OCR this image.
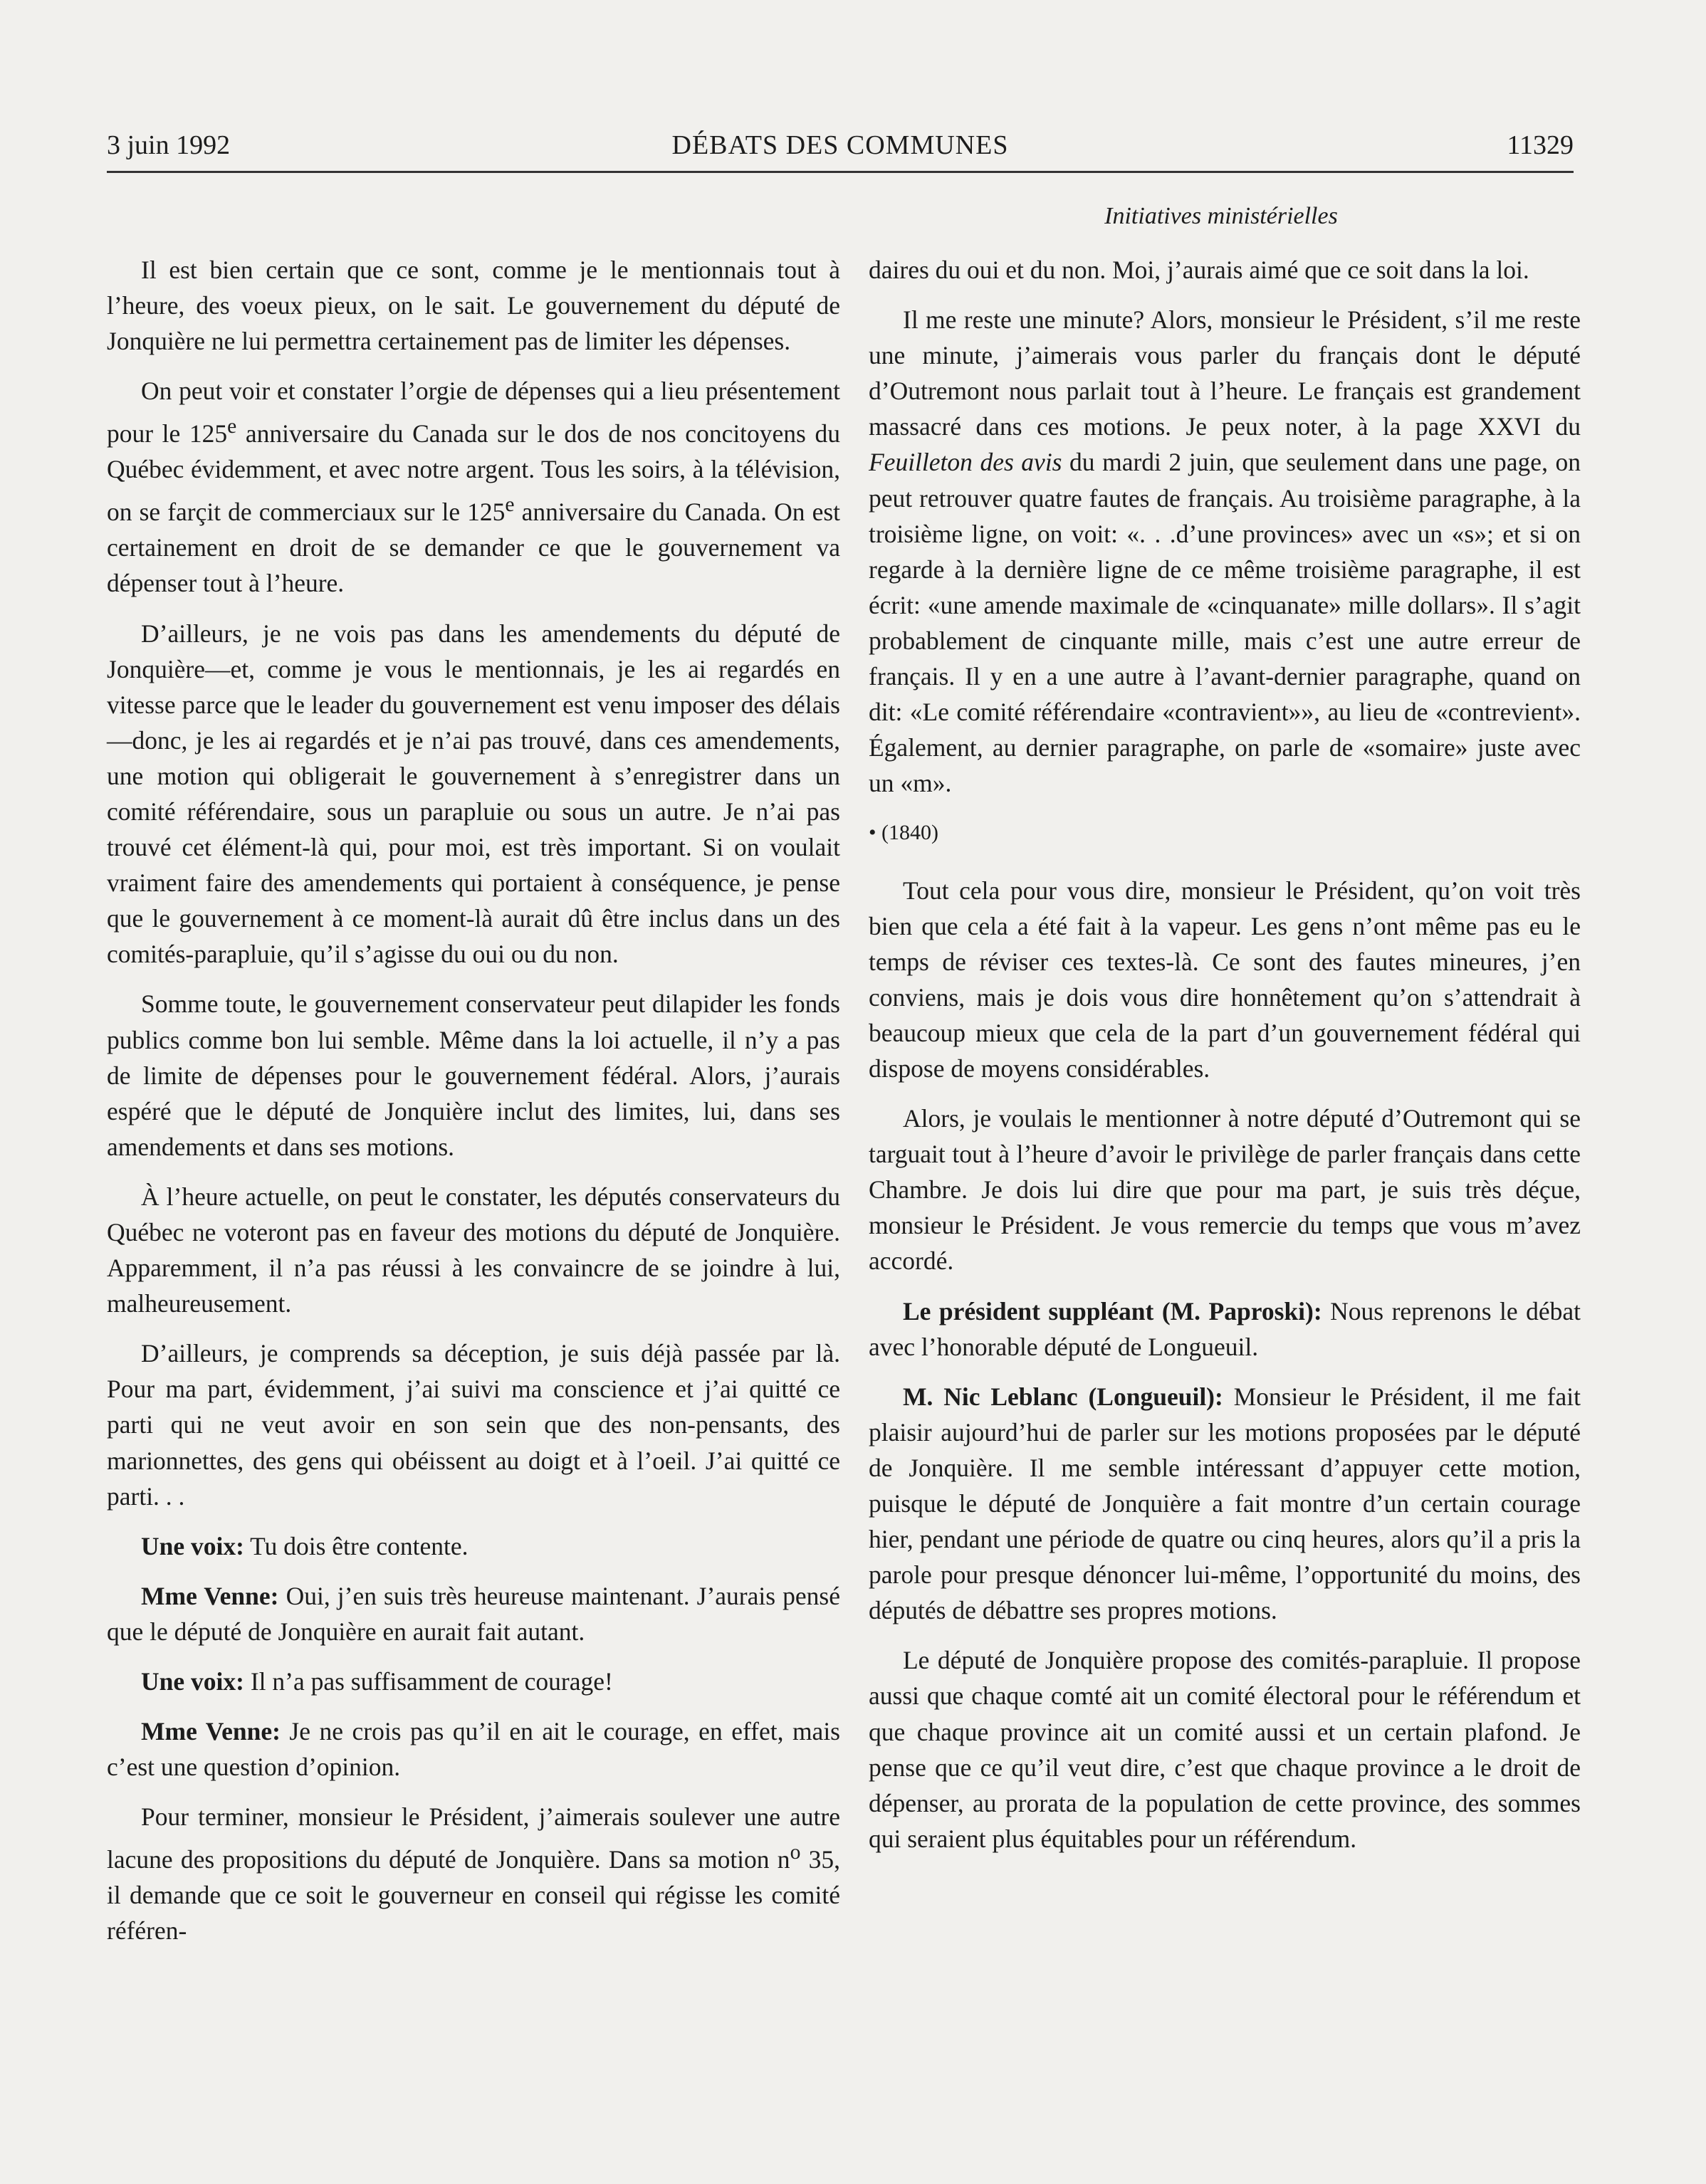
3 juin 1992	DÉBATS DES COMMUNES	11329
Initiatives ministérielles

Il est bien certain que ce sont, comme je le mentionnais tout à l’heure, des voeux pieux, on le sait. Le gouvernement du député de Jonquière ne lui permettra certainement pas de limiter les dépenses.

On peut voir et constater l’orgie de dépenses qui a lieu présentement pour le 125e anniversaire du Canada sur le dos de nos concitoyens du Québec évidemment, et avec notre argent. Tous les soirs, à la télévision, on se farçit de commerciaux sur le 125e anniversaire du Canada. On est certainement en droit de se demander ce que le gouvernement va dépenser tout à l’heure.

D’ailleurs, je ne vois pas dans les amendements du député de Jonquière—et, comme je vous le mentionnais, je les ai regardés en vitesse parce que le leader du gouvernement est venu imposer des délais—donc, je les ai regardés et je n’ai pas trouvé, dans ces amendements, une motion qui obligerait le gouvernement à s’enregistrer dans un comité référendaire, sous un parapluie ou sous un autre. Je n’ai pas trouvé cet élément-là qui, pour moi, est très important. Si on voulait vraiment faire des amendements qui portaient à conséquence, je pense que le gouvernement à ce moment-là aurait dû être inclus dans un des comités-parapluie, qu’il s’agisse du oui ou du non.

Somme toute, le gouvernement conservateur peut dilapider les fonds publics comme bon lui semble. Même dans la loi actuelle, il n’y a pas de limite de dépenses pour le gouvernement fédéral. Alors, j’aurais espéré que le député de Jonquière inclut des limites, lui, dans ses amendements et dans ses motions.

À l’heure actuelle, on peut le constater, les députés conservateurs du Québec ne voteront pas en faveur des motions du député de Jonquière. Apparemment, il n’a pas réussi à les convaincre de se joindre à lui, malheureusement.

D’ailleurs, je comprends sa déception, je suis déjà passée par là. Pour ma part, évidemment, j’ai suivi ma conscience et j’ai quitté ce parti qui ne veut avoir en son sein que des non-pensants, des marionnettes, des gens qui obéissent au doigt et à l’oeil. J’ai quitté ce parti. . .

Une voix: Tu dois être contente.

Mme Venne: Oui, j’en suis très heureuse maintenant. J’aurais pensé que le député de Jonquière en aurait fait autant.

Une voix: Il n’a pas suffisamment de courage!

Mme Venne: Je ne crois pas qu’il en ait le courage, en effet, mais c’est une question d’opinion.

Pour terminer, monsieur le Président, j’aimerais soulever une autre lacune des propositions du député de Jonquière. Dans sa motion $n^o$ 35, il demande que ce soit le gouverneur en conseil qui régisse les comité référen-

daires du oui et du non. Moi, j’aurais aimé que ce soit dans la loi.

Il me reste une minute? Alors, monsieur le Président, s’il me reste une minute, j’aimerais vous parler du français dont le député d’Outremont nous parlait tout à l’heure. Le français est grandement massacré dans ces motions. Je peux noter, à la page XXVI du Feuilleton des avis du mardi 2 juin, que seulement dans une page, on peut retrouver quatre fautes de français. Au troisième paragraphe, à la troisième ligne, on voit: «. . .d’une provinces» avec un «s»; et si on regarde à la dernière ligne de ce même troisième paragraphe, il est écrit: «une amende maximale de «cinquanate» mille dollars». Il s’agit probablement de cinquante mille, mais c’est une autre erreur de français. Il y en a une autre à l’avant-dernier paragraphe, quand on dit: «Le comité référendaire «contravient»», au lieu de «contrevient». Également, au dernier paragraphe, on parle de «somaire» juste avec un «m».

• (1840)

Tout cela pour vous dire, monsieur le Président, qu’on voit très bien que cela a été fait à la vapeur. Les gens n’ont même pas eu le temps de réviser ces textes-là. Ce sont des fautes mineures, j’en conviens, mais je dois vous dire honnêtement qu’on s’attendrait à beaucoup mieux que cela de la part d’un gouvernement fédéral qui dispose de moyens considérables.

Alors, je voulais le mentionner à notre député d’Outremont qui se targuait tout à l’heure d’avoir le privilège de parler français dans cette Chambre. Je dois lui dire que pour ma part, je suis très déçue, monsieur le Président. Je vous remercie du temps que vous m’avez accordé.

Le président suppléant (M. Paproski): Nous reprenons le débat avec l’honorable député de Longueuil.

M. Nic Leblanc (Longueuil): Monsieur le Président, il me fait plaisir aujourd’hui de parler sur les motions proposées par le député de Jonquière. Il me semble intéressant d’appuyer cette motion, puisque le député de Jonquière a fait montre d’un certain courage hier, pendant une période de quatre ou cinq heures, alors qu’il a pris la parole pour presque dénoncer lui-même, l’opportunité du moins, des députés de débattre ses propres motions.

Le député de Jonquière propose des comités-parapluie. Il propose aussi que chaque comté ait un comité électoral pour le référendum et que chaque province ait un comité aussi et un certain plafond. Je pense que ce qu’il veut dire, c’est que chaque province a le droit de dépenser, au prorata de la population de cette province, des sommes qui seraient plus équitables pour un référendum.
